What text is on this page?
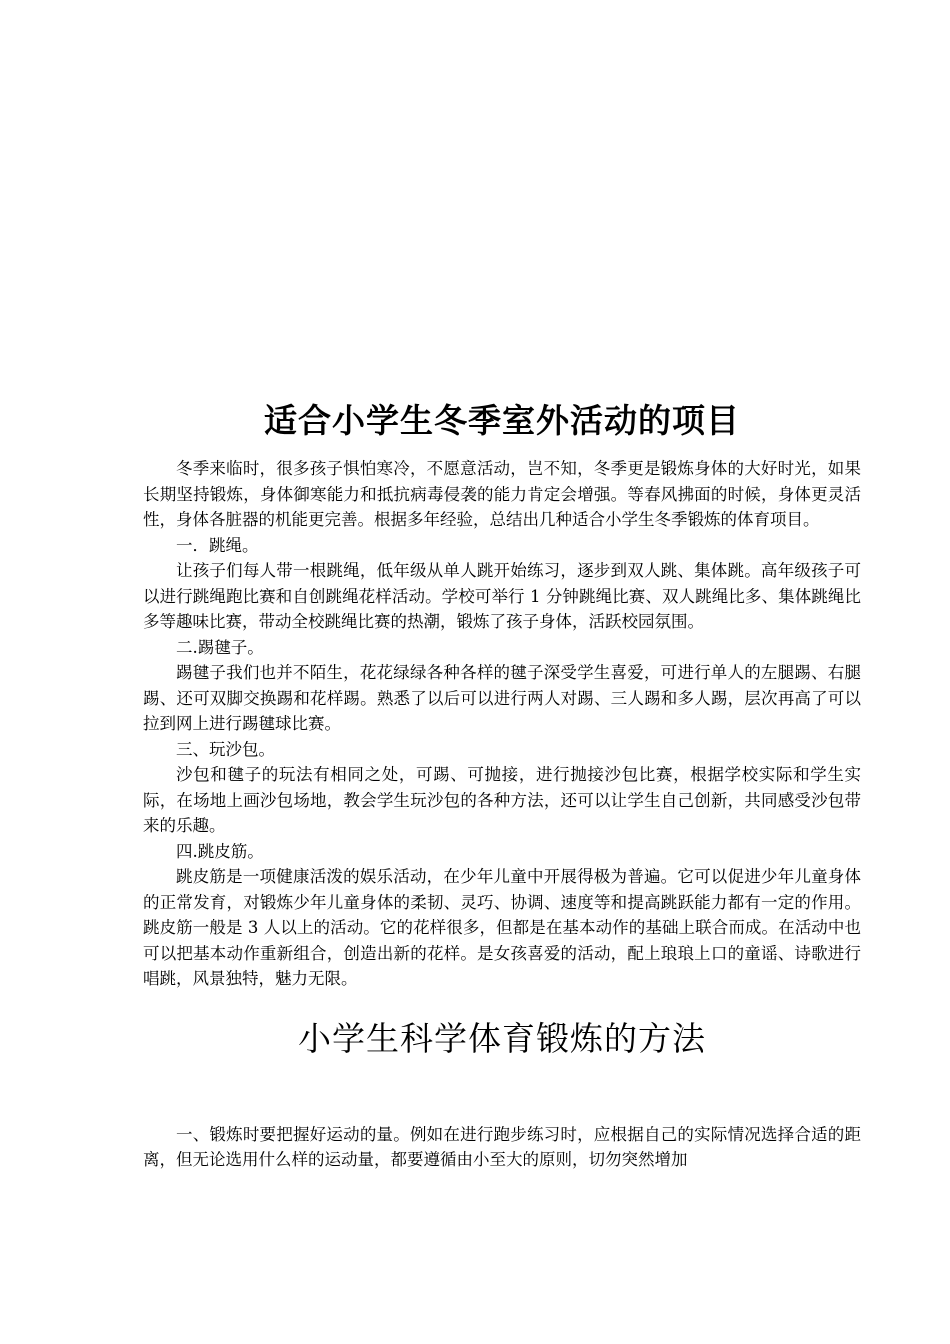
适合小学生冬季室外活动的项目

冬季来临时，很多孩子惧怕寒冷，不愿意活动，岂不知，冬季更是锻炼身体的大好时光，如果长期坚持锻炼，身体御寒能力和抵抗病毒侵袭的能力肯定会增强。等春风拂面的时候，身体更灵活性，身体各脏器的机能更完善。根据多年经验，总结出几种适合小学生冬季锻炼的体育项目。

一．跳绳。

让孩子们每人带一根跳绳，低年级从单人跳开始练习，逐步到双人跳、集体跳。高年级孩子可以进行跳绳跑比赛和自创跳绳花样活动。学校可举行 1 分钟跳绳比赛、双人跳绳比多、集体跳绳比多等趣味比赛，带动全校跳绳比赛的热潮，锻炼了孩子身体，活跃校园氛围。

二.踢毽子。

踢毽子我们也并不陌生，花花绿绿各种各样的毽子深受学生喜爱，可进行单人的左腿踢、右腿踢、还可双脚交换踢和花样踢。熟悉了以后可以进行两人对踢、三人踢和多人踢，层次再高了可以拉到网上进行踢毽球比赛。

三、玩沙包。

沙包和毽子的玩法有相同之处，可踢、可抛接，进行抛接沙包比赛，根据学校实际和学生实际，在场地上画沙包场地，教会学生玩沙包的各种方法，还可以让学生自己创新，共同感受沙包带来的乐趣。

四.跳皮筋。

跳皮筋是一项健康活泼的娱乐活动，在少年儿童中开展得极为普遍。它可以促进少年儿童身体的正常发育，对锻炼少年儿童身体的柔韧、灵巧、协调、速度等和提高跳跃能力都有一定的作用。跳皮筋一般是 3 人以上的活动。它的花样很多，但都是在基本动作的基础上联合而成。在活动中也可以把基本动作重新组合，创造出新的花样。是女孩喜爱的活动，配上琅琅上口的童谣、诗歌进行唱跳，风景独特，魅力无限。

小学生科学体育锻炼的方法

一、锻炼时要把握好运动的量。例如在进行跑步练习时，应根据自己的实际情况选择合适的距离，但无论选用什么样的运动量，都要遵循由小至大的原则，切勿突然增加
